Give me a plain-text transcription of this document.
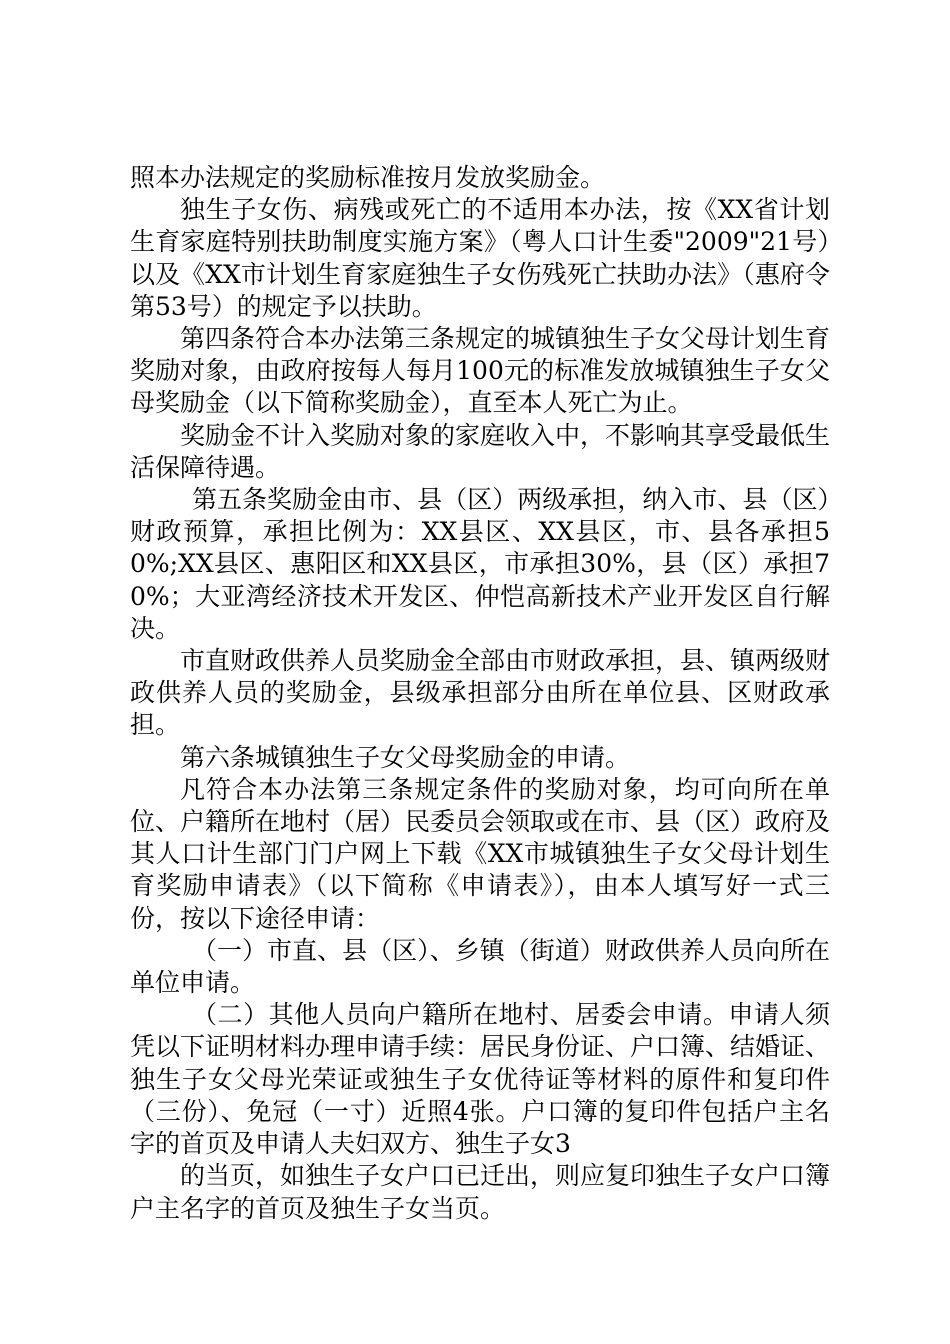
照本办法规定的奖励标准按月发放奖励金。

独生子女伤、病残或死亡的不适用本办法，按《XX省计划生育家庭特别扶助制度实施方案》（粤人口计生委"2009"21号）以及《XX市计划生育家庭独生子女伤残死亡扶助办法》（惠府令第53号）的规定予以扶助。

第四条符合本办法第三条规定的城镇独生子女父母计划生育奖励对象，由政府按每人每月100元的标准发放城镇独生子女父母奖励金（以下简称奖励金），直至本人死亡为止。

奖励金不计入奖励对象的家庭收入中，不影响其享受最低生活保障待遇。

第五条奖励金由市、县（区）两级承担，纳入市、县（区）财政预算，承担比例为：XX县区、XX县区，市、县各承担50%;XX县区、惠阳区和XX县区，市承担30%，县（区）承担70%；大亚湾经济技术开发区、仲恺高新技术产业开发区自行解决。

市直财政供养人员奖励金全部由市财政承担，县、镇两级财政供养人员的奖励金，县级承担部分由所在单位县、区财政承担。

第六条城镇独生子女父母奖励金的申请。

凡符合本办法第三条规定条件的奖励对象，均可向所在单位、户籍所在地村（居）民委员会领取或在市、县（区）政府及其人口计生部门门户网上下载《XX市城镇独生子女父母计划生育奖励申请表》（以下简称《申请表》），由本人填写好一式三份，按以下途径申请：

（一）市直、县（区）、乡镇（街道）财政供养人员向所在单位申请。

（二）其他人员向户籍所在地村、居委会申请。申请人须凭以下证明材料办理申请手续：居民身份证、户口簿、结婚证、独生子女父母光荣证或独生子女优待证等材料的原件和复印件（三份）、免冠（一寸）近照4张。户口簿的复印件包括户主名字的首页及申请人夫妇双方、独生子女3

的当页，如独生子女户口已迁出，则应复印独生子女户口簿户主名字的首页及独生子女当页。
